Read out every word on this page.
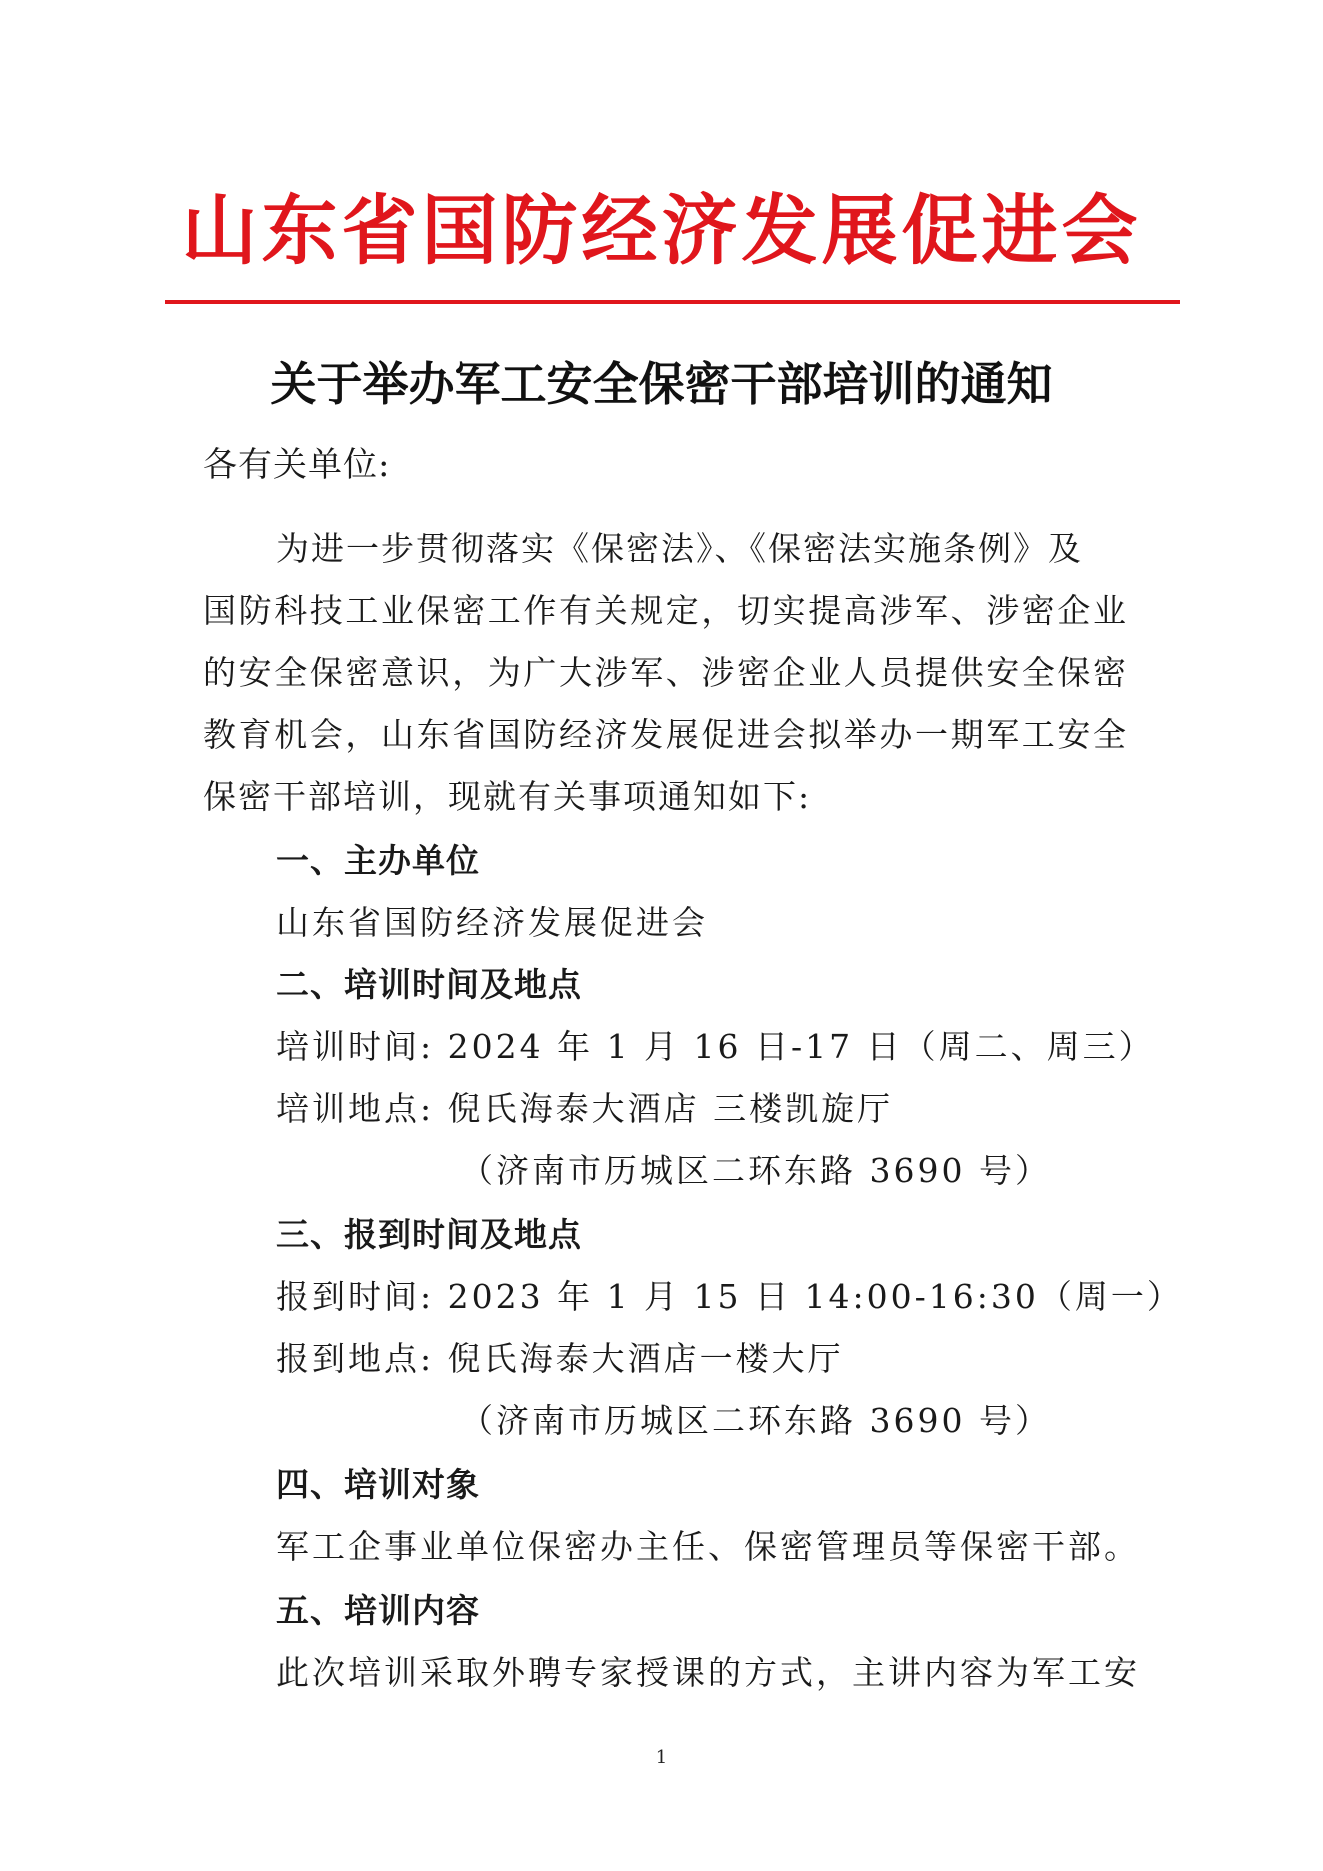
山东省国防经济发展促进会
关于举办军工安全保密干部培训的通知
各有关单位:
为进一步贯彻落实《保密法》、《保密法实施条例》及
国防科技工业保密工作有关规定，切实提高涉军、涉密企业
的安全保密意识，为广大涉军、涉密企业人员提供安全保密
教育机会，山东省国防经济发展促进会拟举办一期军工安全
保密干部培训，现就有关事项通知如下:
一、主办单位
山东省国防经济发展促进会
二、培训时间及地点
培训时间: 2024 年 1 月 16 日-17 日（周二、周三）
培训地点: 倪氏海泰大酒店 三楼凯旋厅
（济南市历城区二环东路 3690 号）
三、报到时间及地点
报到时间: 2023 年 1 月 15 日 14:00-16:30（周一）
报到地点: 倪氏海泰大酒店一楼大厅
（济南市历城区二环东路 3690 号）
四、培训对象
军工企事业单位保密办主任、保密管理员等保密干部。
五、培训内容
此次培训采取外聘专家授课的方式，主讲内容为军工安
1
